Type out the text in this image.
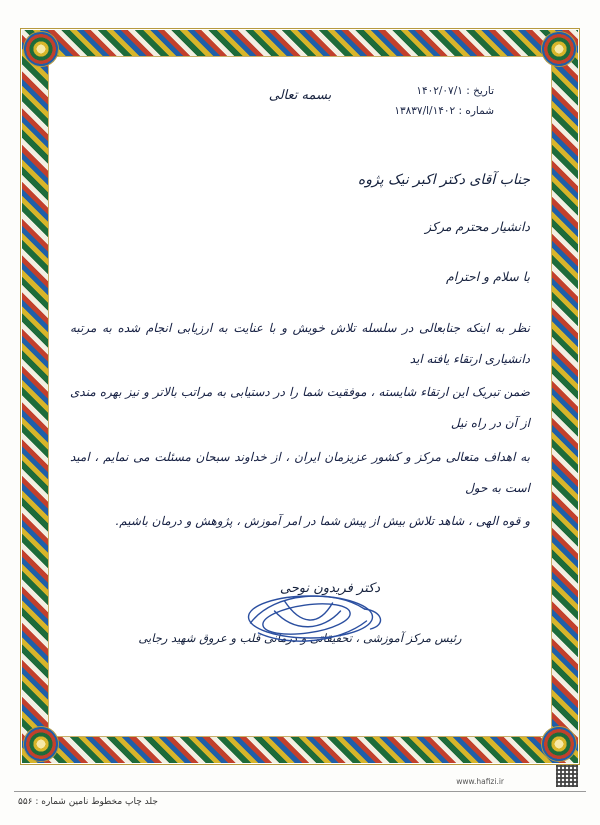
بسمه تعالی	تاریخ : ۱۴۰۲/۰۷/۱
شماره : ۱۴۰۲/ا/۱۳۸۳۷
جناب آقای دکتر اکبر نیک پژوه
دانشیار محترم مرکز
با سلام و احترام

نظر به اینکه جنابعالی در سلسله تلاش خویش و با عنایت به ارزیابی انجام شده به مرتبه دانشیاری ارتقاء یافته اید

ضمن تبریک این ارتقاء شایسته ، موفقیت شما را در دستیابی به مراتب بالاتر و نیز بهره مندی از آن در راه نیل

به اهداف متعالی مرکز و کشور عزیزمان ایران ، از خداوند سبحان مسئلت می نمایم ، امید است به حول

و قوه الهی ، شاهد تلاش بیش از پیش شما در امر آموزش ، پژوهش و درمان باشیم.

دکتر فریدون نوحی
رئیس مرکز آموزشی ، تحقیقاتی و درمانی قلب و عروق شهید رجایی
www.hafizi.ir
جلد چاپ مخطوط نامین شماره : ۵۵۶
